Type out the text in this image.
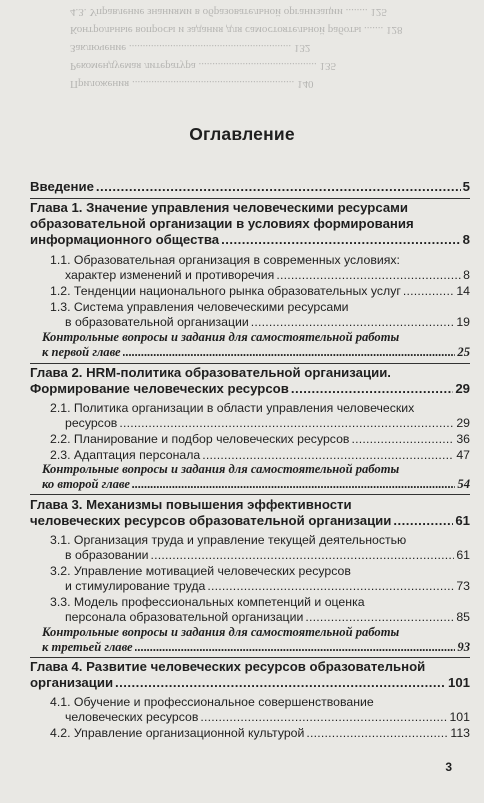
4.3. Управление знаниями в образовательной организации ........ 125
Контрольные вопросы и задания для самостоятельной работы ....... 128
Заключение ........................................................... 132
Рекомендуемая литература ........................................... 135
Приложения ........................................................... 140
Оглавление
Введение . . .	5
Глава 1. Значение управления человеческими ресурсами
образовательной организации в условиях формирования
информационного общества . . .	8
1.1. Образовательная организация в современных условиях:
характер изменений и противоречия . . .	8
1.2. Тенденции национального рынка образовательных услуг . . .	14
1.3. Система управления человеческими ресурсами
в образовательной организации . . .	19
Контрольные вопросы и задания для самостоятельной работы
к первой главе . . .	25
Глава 2. HRM-политика образовательной организации.
Формирование человеческих ресурсов . . .	29
2.1. Политика организации в области управления человеческих
ресурсов . . .	29
2.2. Планирование и подбор человеческих ресурсов . . .	36
2.3. Адаптация персонала . . .	47
Контрольные вопросы и задания для самостоятельной работы
ко второй главе . . .	54
Глава 3. Механизмы повышения эффективности
человеческих ресурсов образовательной организации . . .	61
3.1. Организация труда и управление текущей деятельностью
в образовании . . .	61
3.2. Управление мотивацией человеческих ресурсов
и стимулирование труда . . .	73
3.3. Модель профессиональных компетенций и оценка
персонала образовательной организации . . .	85
Контрольные вопросы и задания для самостоятельной работы
к третьей главе . . .	93
Глава 4. Развитие человеческих ресурсов образовательной
организации . . .	101
4.1. Обучение и профессиональное совершенствование
человеческих ресурсов . . .	101
4.2. Управление организационной культурой . . .	113
3
